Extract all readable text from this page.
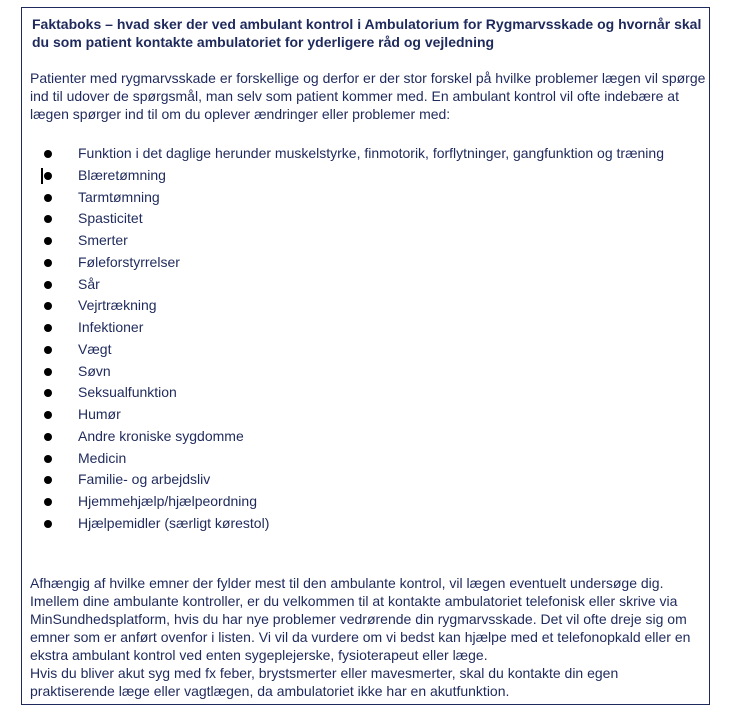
Faktaboks – hvad sker der ved ambulant kontrol i Ambulatorium for Rygmarvsskade og hvornår skal du som patient kontakte ambulatoriet for yderligere råd og vejledning

Patienter med rygmarvsskade er forskellige og derfor er der stor forskel på hvilke problemer lægen vil spørge ind til udover de spørgsmål, man selv som patient kommer med. En ambulant kontrol vil ofte indebære at lægen spørger ind til om du oplever ændringer eller problemer med:

Funktion i det daglige herunder muskelstyrke, finmotorik, forflytninger, gangfunktion og træning
Blæretømning
Tarmtømning
Spasticitet
Smerter
Føleforstyrrelser
Sår
Vejrtrækning
Infektioner
Vægt
Søvn
Seksualfunktion
Humør
Andre kroniske sygdomme
Medicin
Familie- og arbejdsliv
Hjemmehjælp/hjælpeordning
Hjælpemidler (særligt kørestol)

Afhængig af hvilke emner der fylder mest til den ambulante kontrol, vil lægen eventuelt undersøge dig. Imellem dine ambulante kontroller, er du velkommen til at kontakte ambulatoriet telefonisk eller skrive via MinSundhedsplatform, hvis du har nye problemer vedrørende din rygmarvsskade. Det vil ofte dreje sig om emner som er anført ovenfor i listen. Vi vil da vurdere om vi bedst kan hjælpe med et telefonopkald eller en ekstra ambulant kontrol ved enten sygeplejerske, fysioterapeut eller læge.
Hvis du bliver akut syg med fx feber, brystsmerter eller mavesmerter, skal du kontakte din egen praktiserende læge eller vagtlægen, da ambulatoriet ikke har en akutfunktion.
